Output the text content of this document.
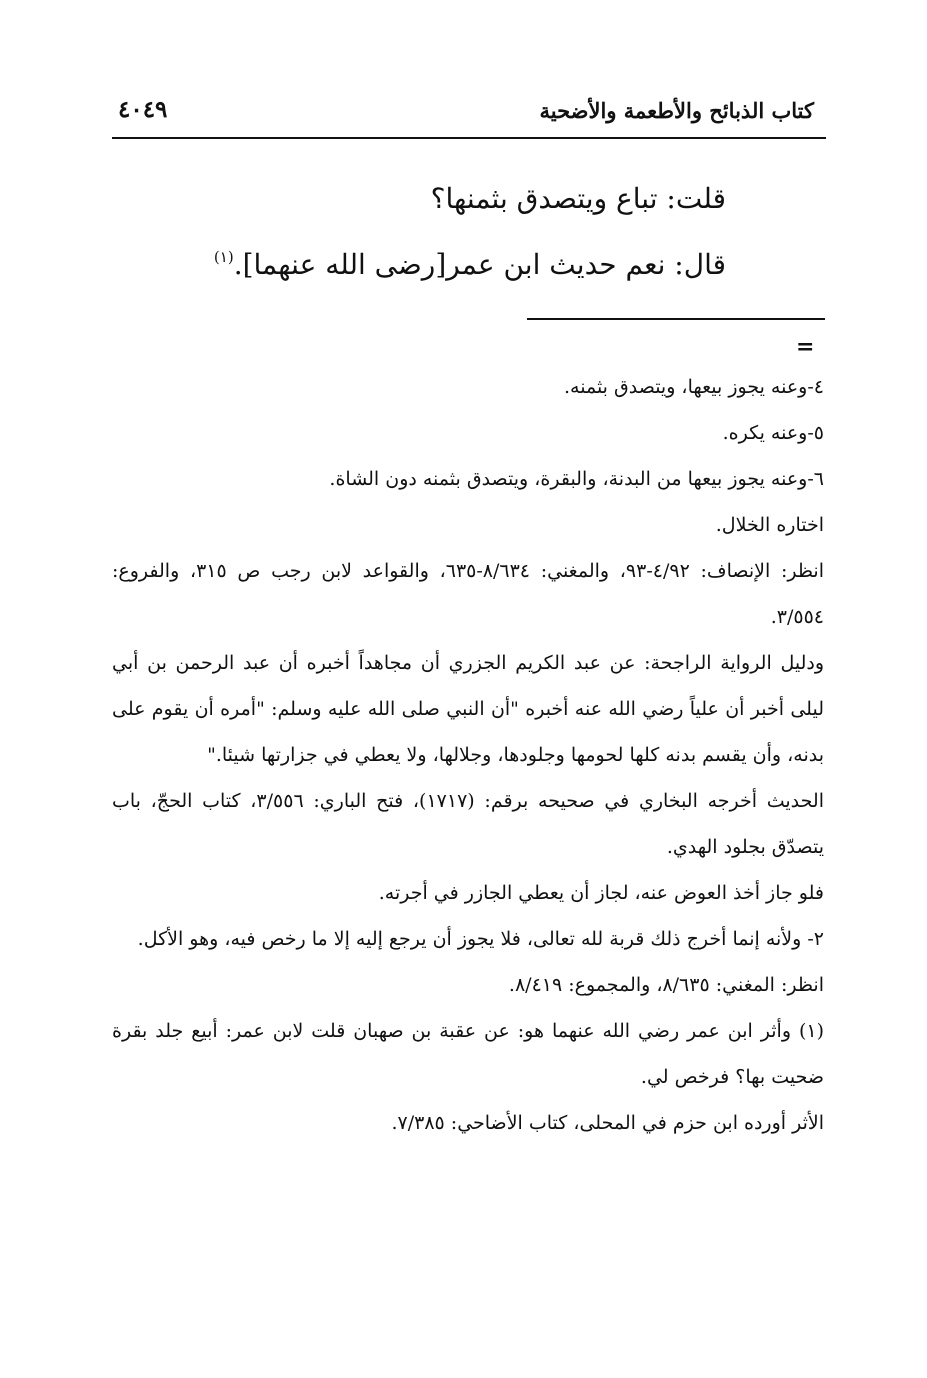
كتاب الذبائح والأطعمة والأضحية
٤٠٤٩
قلت: تباع ويتصدق بثمنها؟
قال: نعم حديث ابن عمر[رضى الله عنهما].$^{(١)}$
=

٤-وعنه يجوز بيعها، ويتصدق بثمنه.

٥-وعنه يكره.

٦-وعنه يجوز بيعها من البدنة، والبقرة، ويتصدق بثمنه دون الشاة.

اختاره الخلال.

انظر: الإنصاف: ٤/٩٢-٩٣، والمغني: ٨/٦٣٤-٦٣٥، والقواعد لابن رجب ص ٣١٥، والفروع: ٣/٥٥٤.

ودليل الرواية الراجحة: عن عبد الكريم الجزري أن مجاهداً أخبره أن عبد الرحمن بن أبي ليلى أخبر أن علياً رضي الله عنه أخبره "أن النبي صلى الله عليه وسلم: "أمره أن يقوم على بدنه، وأن يقسم بدنه كلها لحومها وجلودها، وجلالها، ولا يعطي في جزارتها شيئا."

الحديث أخرجه البخاري في صحيحه برقم: (١٧١٧)، فتح الباري: ٣/٥٥٦، كتاب الحجّ، باب يتصدّق بجلود الهدي.

فلو جاز أخذ العوض عنه، لجاز أن يعطي الجازر في أجرته.

٢- ولأنه إنما أخرج ذلك قربة لله تعالى، فلا يجوز أن يرجع إليه إلا ما رخص فيه، وهو الأكل.

انظر: المغني: ٨/٦٣٥، والمجموع: ٨/٤١٩.

(١) وأثر ابن عمر رضي الله عنهما هو: عن عقبة بن صهبان قلت لابن عمر: أبيع جلد بقرة ضحيت بها؟ فرخص لي.

الأثر أورده ابن حزم في المحلى، كتاب الأضاحي: ٧/٣٨٥.
